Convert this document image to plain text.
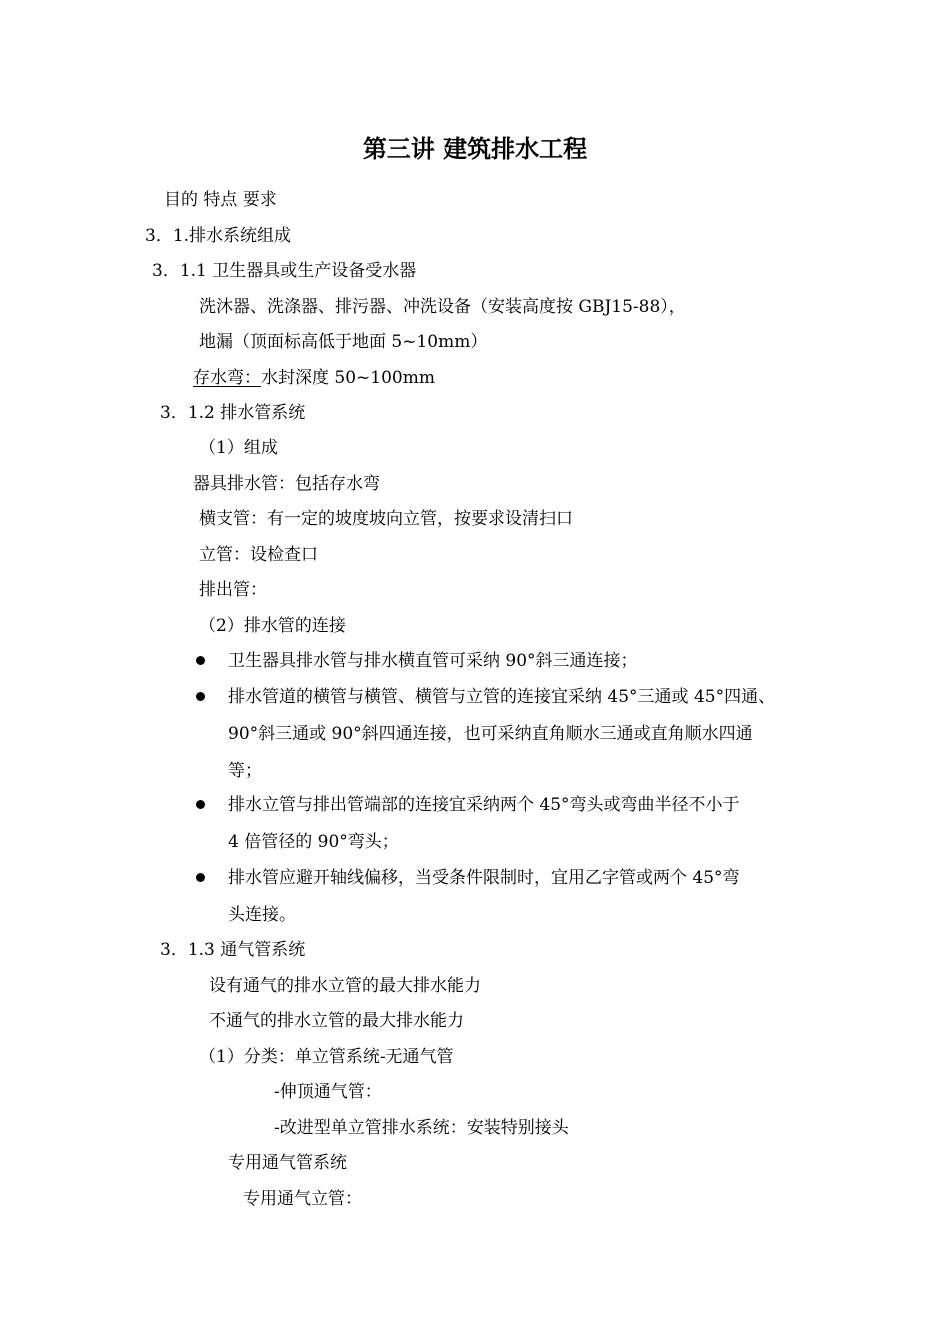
第三讲 建筑排水工程

目的 特点 要求

3．1.排水系统组成

3．1.1 卫生器具或生产设备受水器

洗沐器、洗涤器、排污器、冲洗设备（安装高度按 GBJ15-88），

地漏（顶面标高低于地面 5~10mm）

存水弯：水封深度 50~100mm

3．1.2 排水管系统

（1）组成

器具排水管：包括存水弯

横支管：有一定的坡度坡向立管，按要求设清扫口

立管：设检查口

排出管：

（2）排水管的连接

卫生器具排水管与排水横直管可采纳 90°斜三通连接；

排水管道的横管与横管、横管与立管的连接宜采纳 45°三通或 45°四通、

90°斜三通或 90°斜四通连接，也可采纳直角顺水三通或直角顺水四通

等；

排水立管与排出管端部的连接宜采纳两个 45°弯头或弯曲半径不小于

4 倍管径的 90°弯头；

排水管应避开轴线偏移，当受条件限制时，宜用乙字管或两个 45°弯

头连接。

3．1.3 通气管系统

设有通气的排水立管的最大排水能力

不通气的排水立管的最大排水能力

（1）分类：单立管系统-无通气管

-伸顶通气管：

-改进型单立管排水系统：安装特别接头

专用通气管系统

专用通气立管：
